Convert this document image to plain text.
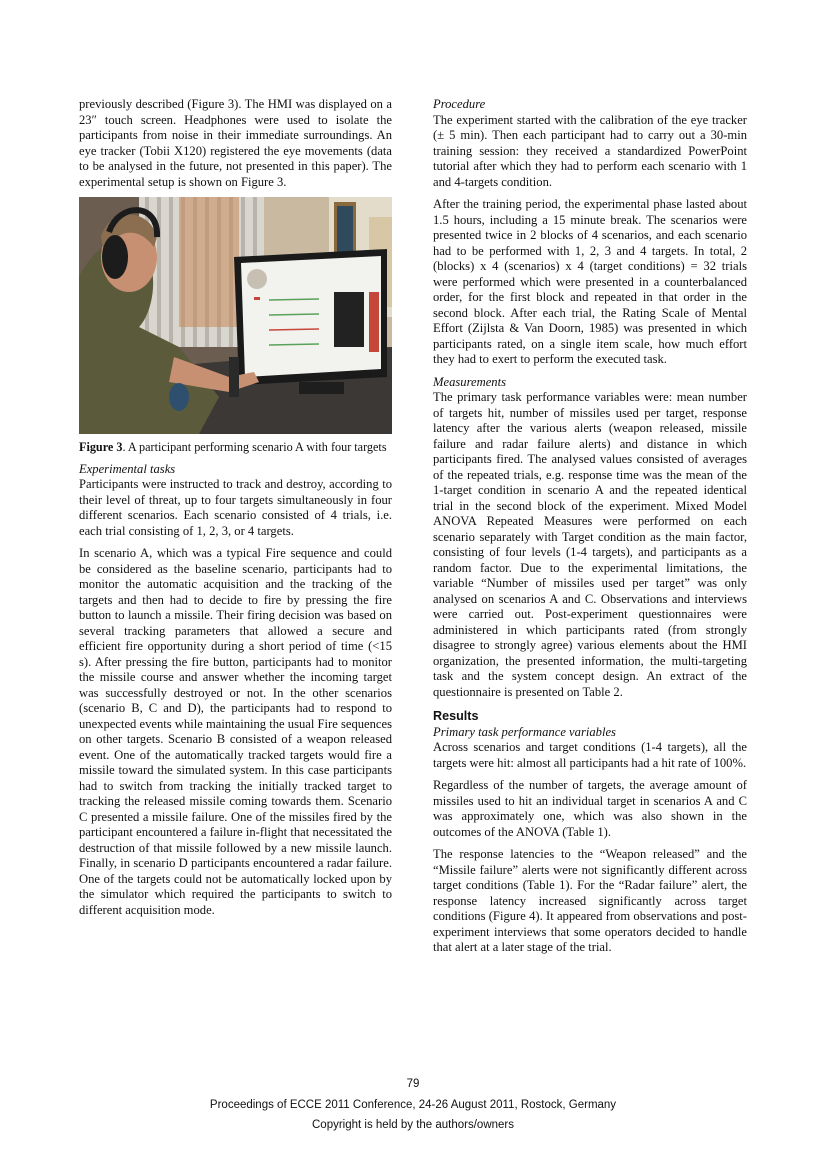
previously described (Figure 3). The HMI was displayed on a 23″ touch screen. Headphones were used to isolate the participants from noise in their immediate surroundings. An eye tracker (Tobii X120) registered the eye movements (data to be analysed in the future, not presented in this paper). The experimental setup is shown on Figure 3.

Figure 3. A participant performing scenario A with four targets

Experimental tasks

Participants were instructed to track and destroy, according to their level of threat, up to four targets simultaneously in four different scenarios. Each scenario consisted of 4 trials, i.e. each trial consisting of 1, 2, 3, or 4 targets.

In scenario A, which was a typical Fire sequence and could be considered as the baseline scenario, participants had to monitor the automatic acquisition and the tracking of the targets and then had to decide to fire by pressing the fire button to launch a missile. Their firing decision was based on several tracking parameters that allowed a secure and efficient fire opportunity during a short period of time (<15 s). After pressing the fire button, participants had to monitor the missile course and answer whether the incoming target was successfully destroyed or not. In the other scenarios (scenario B, C and D), the participants had to respond to unexpected events while maintaining the usual Fire sequences on other targets. Scenario B consisted of a weapon released event. One of the automatically tracked targets would fire a missile toward the simulated system. In this case participants had to switch from tracking the initially tracked target to tracking the released missile coming towards them. Scenario C presented a missile failure. One of the missiles fired by the participant encountered a failure in-flight that necessitated the destruction of that missile followed by a new missile launch. Finally, in scenario D participants encountered a radar failure. One of the targets could not be automatically locked upon by the simulator which required the participants to switch to different acquisition mode.

Procedure

The experiment started with the calibration of the eye tracker (± 5 min). Then each participant had to carry out a 30-min training session: they received a standardized PowerPoint tutorial after which they had to perform each scenario with 1 and 4-targets condition.

After the training period, the experimental phase lasted about 1.5 hours, including a 15 minute break. The scenarios were presented twice in 2 blocks of 4 scenarios, and each scenario had to be performed with 1, 2, 3 and 4 targets. In total, 2 (blocks) x 4 (scenarios) x 4 (target conditions) = 32 trials were performed which were presented in a counterbalanced order, for the first block and repeated in that order in the second block. After each trial, the Rating Scale of Mental Effort (Zijlsta & Van Doorn, 1985) was presented in which participants rated, on a single item scale, how much effort they had to exert to perform the executed task.

Measurements

The primary task performance variables were: mean number of targets hit, number of missiles used per target, response latency after the various alerts (weapon released, missile failure and radar failure alerts) and distance in which participants fired. The analysed values consisted of averages of the repeated trials, e.g. response time was the mean of the 1-target condition in scenario A and the repeated identical trial in the second block of the experiment. Mixed Model ANOVA Repeated Measures were performed on each scenario separately with Target condition as the main factor, consisting of four levels (1-4 targets), and participants as a random factor. Due to the experimental limitations, the variable “Number of missiles used per target” was only analysed on scenarios A and C. Observations and interviews were carried out. Post-experiment questionnaires were administered in which participants rated (from strongly disagree to strongly agree) various elements about the HMI organization, the presented information, the multi-targeting task and the system concept design. An extract of the questionnaire is presented on Table 2.

Results

Primary task performance variables

Across scenarios and target conditions (1-4 targets), all the targets were hit: almost all participants had a hit rate of 100%.

Regardless of the number of targets, the average amount of missiles used to hit an individual target in scenarios A and C was approximately one, which was also shown in the outcomes of the ANOVA (Table 1).

The response latencies to the “Weapon released” and the “Missile failure” alerts were not significantly different across target conditions (Table 1). For the “Radar failure” alert, the response latency increased significantly across target conditions (Figure 4). It appeared from observations and post-experiment interviews that some operators decided to handle that alert at a later stage of the trial.

79
Proceedings of ECCE 2011 Conference, 24-26 August 2011, Rostock, Germany
Copyright is held by the authors/owners
